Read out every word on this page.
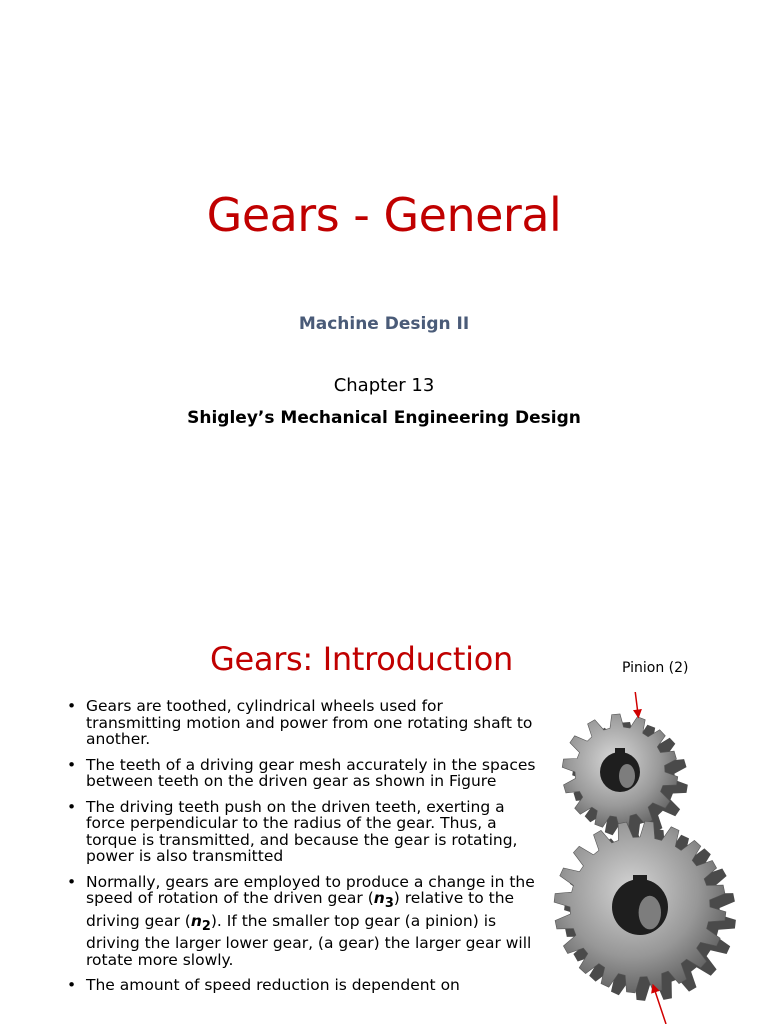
Gears - General
Machine Design II
Chapter 13
Shigley’s Mechanical Engineering Design
Gears: Introduction	Pinion (2)
• Gears are toothed, cylindrical wheels used for transmitting motion and power from one rotating shaft to another.
• The teeth of a driving gear mesh accurately in the spaces between teeth on the driven gear as shown in Figure
• The driving teeth push on the driven teeth, exerting a force perpendicular to the radius of the gear. Thus, a torque is transmitted, and because the gear is rotating, power is also transmitted
• Normally, gears are employed to produce a change in the speed of rotation of the driven gear $(n_3)$ relative to the driving gear $(n_2)$. If the smaller top gear (a pinion) is driving the larger lower gear, (a gear) the larger gear will rotate more slowly.
• The amount of speed reduction is dependent on
